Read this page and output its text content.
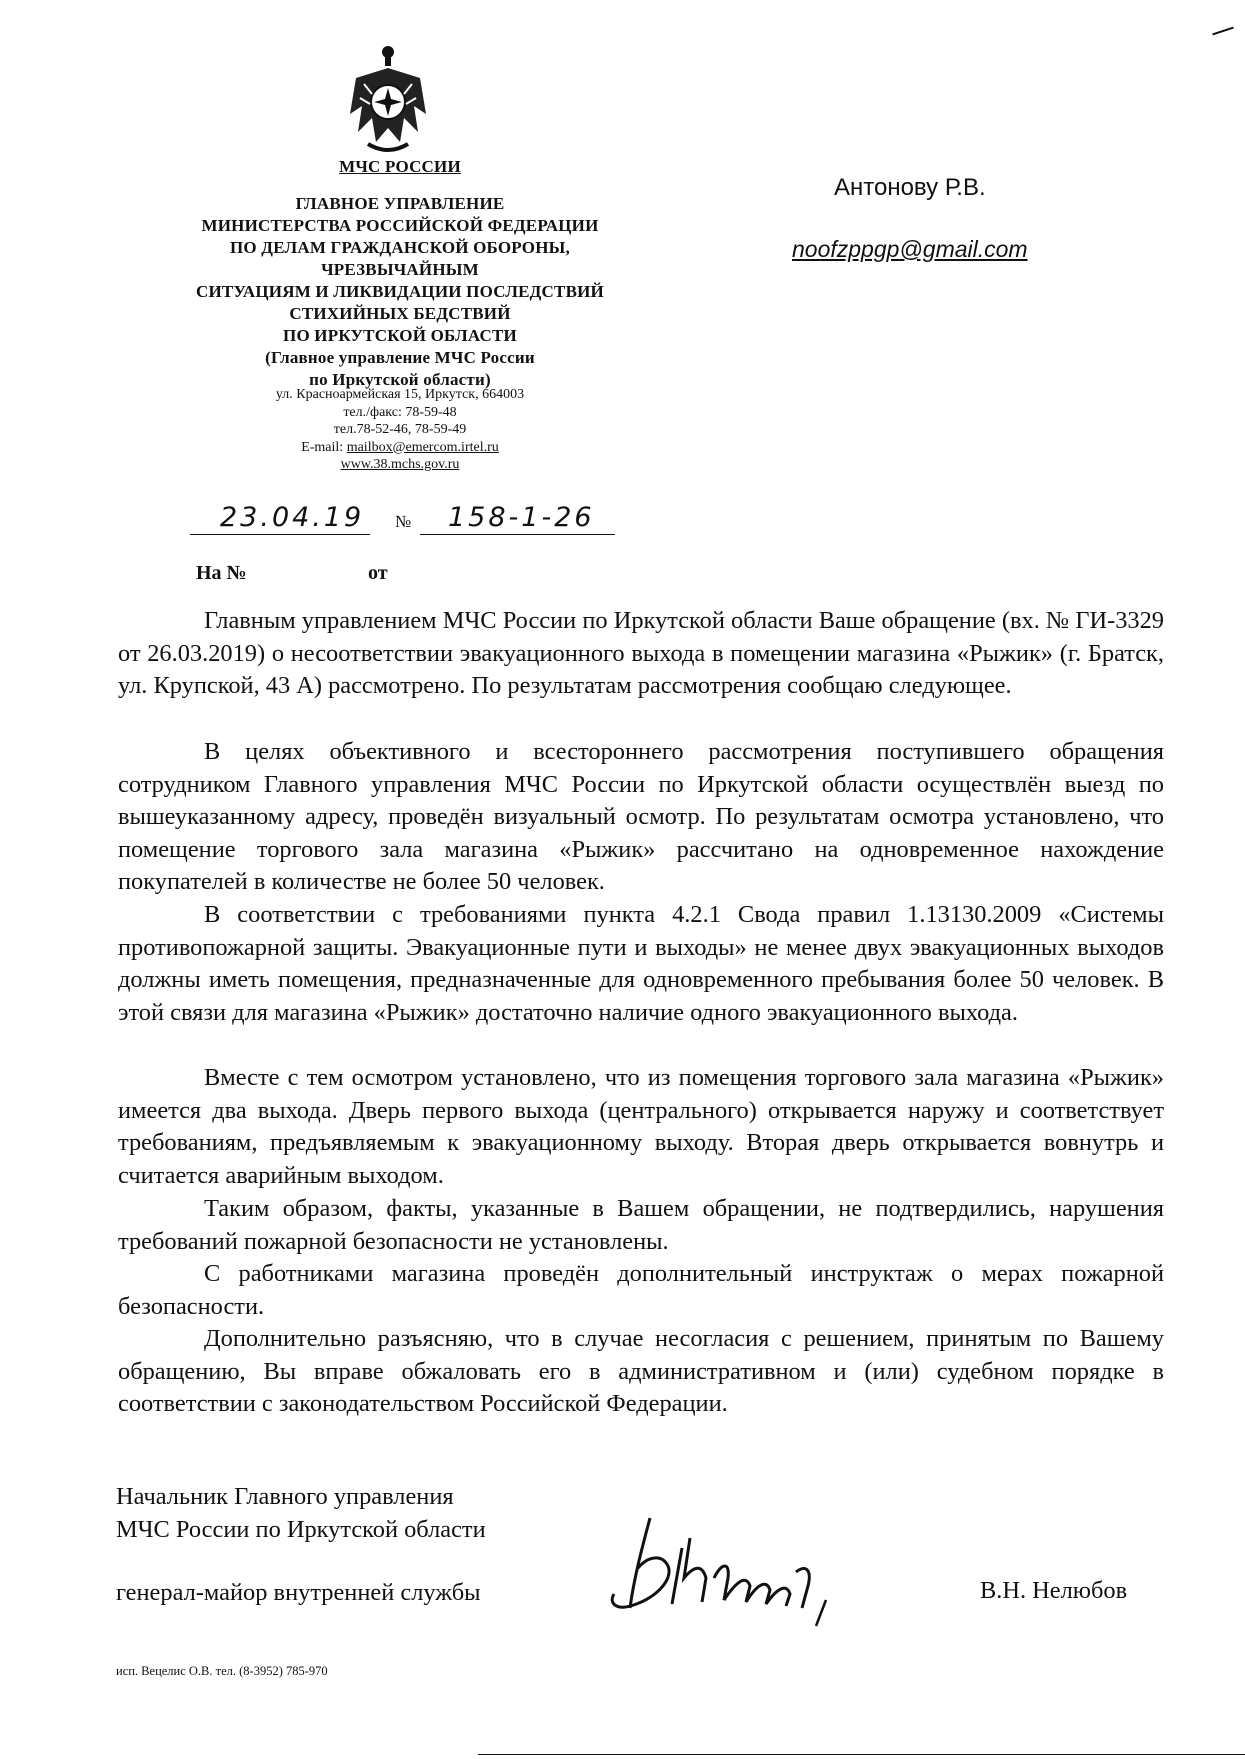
МЧС РОССИИ
ГЛАВНОЕ УПРАВЛЕНИЕ
МИНИСТЕРСТВА РОССИЙСКОЙ ФЕДЕРАЦИИ
ПО ДЕЛАМ ГРАЖДАНСКОЙ ОБОРОНЫ, ЧРЕЗВЫЧАЙНЫМ
СИТУАЦИЯМ И ЛИКВИДАЦИИ ПОСЛЕДСТВИЙ
СТИХИЙНЫХ БЕДСТВИЙ
ПО ИРКУТСКОЙ ОБЛАСТИ
(Главное управление МЧС России
по Иркутской области)
ул. Красноармейская 15, Иркутск, 664003
тел./факс: 78-59-48
тел.78-52-46, 78-59-49
E-mail: mailbox@emercom.irtel.ru
www.38.mchs.gov.ru
23.04.19 № 158-1-26
На №	от
Антонову Р.В.
noofzppgp@gmail.com
Главным управлением МЧС России по Иркутской области Ваше обращение (вх. № ГИ-3329 от 26.03.2019) о несоответствии эвакуационного выхода в помещении магазина «Рыжик» (г. Братск, ул. Крупской, 43 А) рассмотрено. По результатам рассмотрения сообщаю следующее.
В целях объективного и всестороннего рассмотрения поступившего обращения сотрудником Главного управления МЧС России по Иркутской области осуществлён выезд по вышеуказанному адресу, проведён визуальный осмотр. По результатам осмотра установлено, что помещение торгового зала магазина «Рыжик» рассчитано на одновременное нахождение покупателей в количестве не более 50 человек.
В соответствии с требованиями пункта 4.2.1 Свода правил 1.13130.2009 «Системы противопожарной защиты. Эвакуационные пути и выходы» не менее двух эвакуационных выходов должны иметь помещения, предназначенные для одновременного пребывания более 50 человек. В этой связи для магазина «Рыжик» достаточно наличие одного эвакуационного выхода.
Вместе с тем осмотром установлено, что из помещения торгового зала магазина «Рыжик» имеется два выхода. Дверь первого выхода (центрального) открывается наружу и соответствует требованиям, предъявляемым к эвакуационному выходу. Вторая дверь открывается вовнутрь и считается аварийным выходом.
Таким образом, факты, указанные в Вашем обращении, не подтвердились, нарушения требований пожарной безопасности не установлены.
С работниками магазина проведён дополнительный инструктаж о мерах пожарной безопасности.
Дополнительно разъясняю, что в случае несогласия с решением, принятым по Вашему обращению, Вы вправе обжаловать его в административном и (или) судебном порядке в соответствии с законодательством Российской Федерации.
Начальник Главного управления
МЧС России по Иркутской области
генерал-майор внутренней службы	В.Н. Нелюбов
исп. Вецелис О.В. тел. (8-3952) 785-970
